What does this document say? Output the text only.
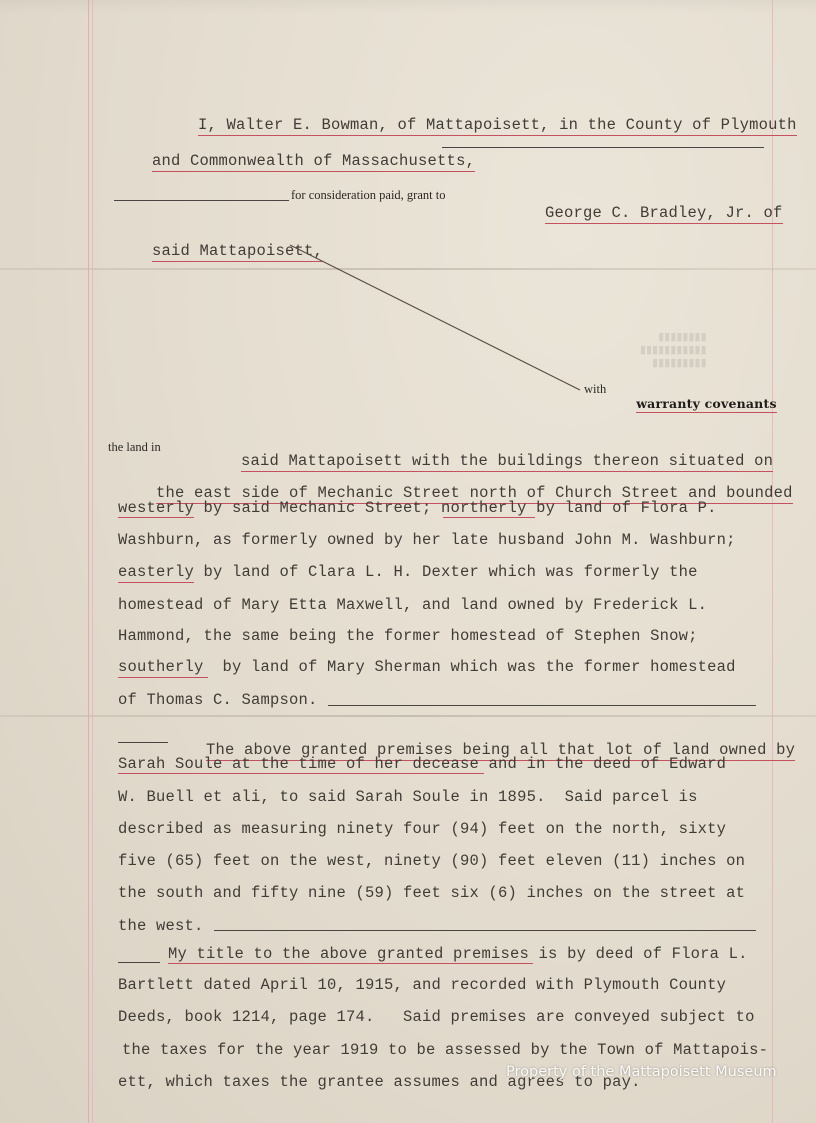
▮▮▮▮▮▮▮▮
▮▮▮▮▮▮▮▮▮▮▮
▮▮▮▮▮▮▮▮▮

I, Walter E. Bowman, of Mattapoisett, in the County of Plymouth

and Commonwealth of Massachusetts,

for consideration paid, grant to

George C. Bradley, Jr. of

said Mattapoisett,

with

warranty covenants

the land in

said Mattapoisett with the buildings thereon situated on

the east side of Mechanic Street north of Church Street and bounded

westerly by said Mechanic Street; northerly by land of Flora P.
Washburn, as formerly owned by her late husband John M. Washburn;
easterly by land of Clara L. H. Dexter which was formerly the
homestead of Mary Etta Maxwell, and land owned by Frederick L.
Hammond, the same being the former homestead of Stephen Snow;
southerly  by land of Mary Sherman which was the former homestead
of Thomas C. Sampson.

The above granted premises being all that lot of land owned by

Sarah Soule at the time of her decease and in the deed of Edward
W. Buell et ali, to said Sarah Soule in 1895.  Said parcel is
described as measuring ninety four (94) feet on the north, sixty
five (65) feet on the west, ninety (90) feet eleven (11) inches on
the south and fifty nine (59) feet six (6) inches on the street at
the west.
My title to the above granted premises is by deed of Flora L.
Bartlett dated April 10, 1915, and recorded with Plymouth County
Deeds, book 1214, page 174.   Said premises are conveyed subject to
the taxes for the year 1919 to be assessed by the Town of Mattapois-
ett, which taxes the grantee assumes and agrees to pay.
Property of the Mattapoisett Museum
